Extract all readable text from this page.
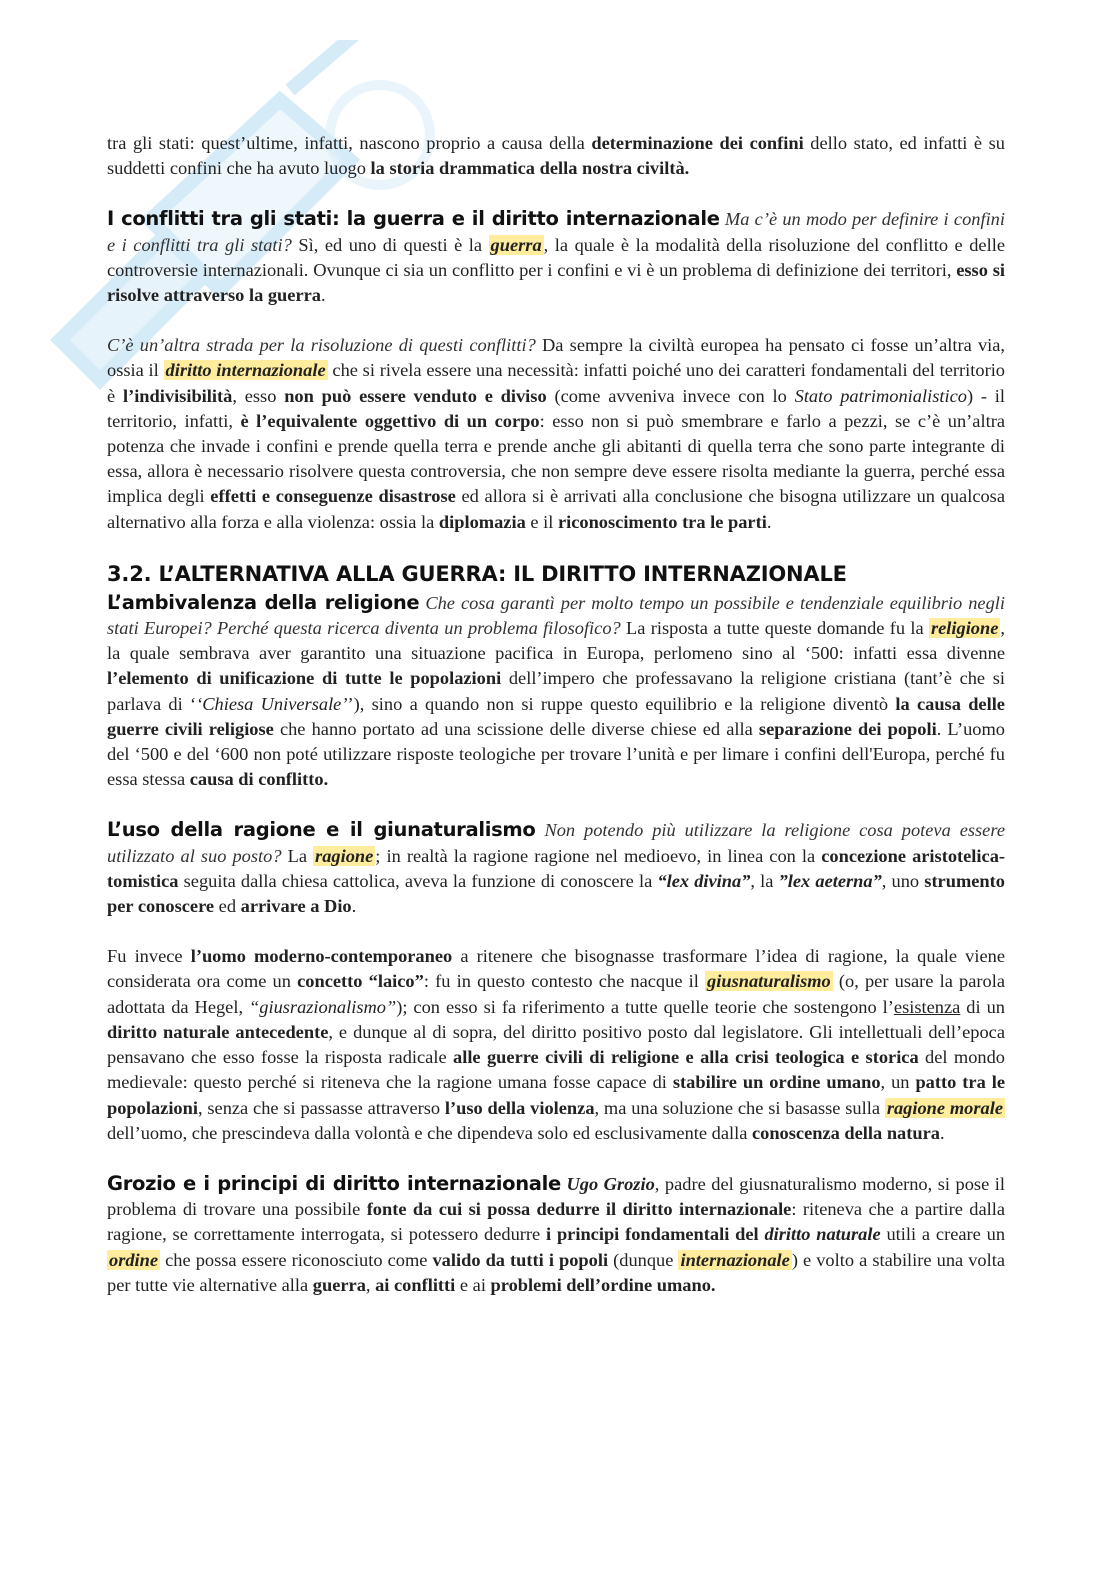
tra gli stati: quest’ultime, infatti, nascono proprio a causa della determinazione dei confini dello stato, ed infatti è su suddetti confini che ha avuto luogo la storia drammatica della nostra civiltà.

I conflitti tra gli stati: la guerra e il diritto internazionale Ma c’è un modo per definire i confini e i conflitti tra gli stati? Sì, ed uno di questi è la guerra , la quale è la modalità della risoluzione del conflitto e delle controversie internazionali. Ovunque ci sia un conflitto per i confini e vi è un problema di definizione dei territori, esso si risolve attraverso la guerra.

C’è un’altra strada per la risoluzione di questi conflitti? Da sempre la civiltà europea ha pensato ci fosse un’altra via, ossia il diritto internazionale che si rivela essere una necessità: infatti poiché uno dei caratteri fondamentali del territorio è l’indivisibilità, esso non può essere venduto e diviso (come avveniva invece con lo Stato patrimonialistico) - il territorio, infatti, è l’equivalente oggettivo di un corpo: esso non si può smembrare e farlo a pezzi, se c’è un’altra potenza che invade i confini e prende quella terra e prende anche gli abitanti di quella terra che sono parte integrante di essa, allora è necessario risolvere questa controversia, che non sempre deve essere risolta mediante la guerra, perché essa implica degli effetti e conseguenze disastrose ed allora si è arrivati alla conclusione che bisogna utilizzare un qualcosa alternativo alla forza e alla violenza: ossia la diplomazia e il riconoscimento tra le parti.

3.2. L’ALTERNATIVA ALLA GUERRA: IL DIRITTO INTERNAZIONALE

L’ambivalenza della religione Che cosa garantì per molto tempo un possibile e tendenziale equilibrio negli stati Europei? Perché questa ricerca diventa un problema filosofico? La risposta a tutte queste domande fu la religione , la quale sembrava aver garantito una situazione pacifica in Europa, perlomeno sino al ‘500: infatti essa divenne l’elemento di unificazione di tutte le popolazioni dell’impero che professavano la religione cristiana (tant’è che si parlava di ‘‘Chiesa Universale’’), sino a quando non si ruppe questo equilibrio e la religione diventò la causa delle guerre civili religiose che hanno portato ad una scissione delle diverse chiese ed alla separazione dei popoli. L’uomo del ‘500 e del ‘600 non poté utilizzare risposte teologiche per trovare l’unità e per limare i confini dell'Europa, perché fu essa stessa causa di conflitto.

L’uso della ragione e il giunaturalismo Non potendo più utilizzare la religione cosa poteva essere utilizzato al suo posto? La ragione ; in realtà la ragione ragione nel medioevo, in linea con la concezione aristotelica-tomistica seguita dalla chiesa cattolica, aveva la funzione di conoscere la “lex divina”, la ”lex aeterna”, uno strumento per conoscere ed arrivare a Dio.

Fu invece l’uomo moderno-contemporaneo a ritenere che bisognasse trasformare l’idea di ragione, la quale viene considerata ora come un concetto “laico”: fu in questo contesto che nacque il giusnaturalismo (o, per usare la parola adottata da Hegel, “giusrazionalismo”); con esso si fa riferimento a tutte quelle teorie che sostengono l’esistenza di un diritto naturale antecedente, e dunque al di sopra, del diritto positivo posto dal legislatore. Gli intellettuali dell’epoca pensavano che esso fosse la risposta radicale alle guerre civili di religione e alla crisi teologica e storica del mondo medievale: questo perché si riteneva che la ragione umana fosse capace di stabilire un ordine umano, un patto tra le popolazioni, senza che si passasse attraverso l’uso della violenza, ma una soluzione che si basasse sulla ragione morale dell’uomo, che prescindeva dalla volontà e che dipendeva solo ed esclusivamente dalla conoscenza della natura.

Grozio e i principi di diritto internazionale Ugo Grozio, padre del giusnaturalismo moderno, si pose il problema di trovare una possibile fonte da cui si possa dedurre il diritto internazionale: riteneva che a partire dalla ragione, se correttamente interrogata, si potessero dedurre i principi fondamentali del diritto naturale utili a creare un ordine che possa essere riconosciuto come valido da tutti i popoli (dunque internazionale ) e volto a stabilire una volta per tutte vie alternative alla guerra, ai conflitti e ai problemi dell’ordine umano.
